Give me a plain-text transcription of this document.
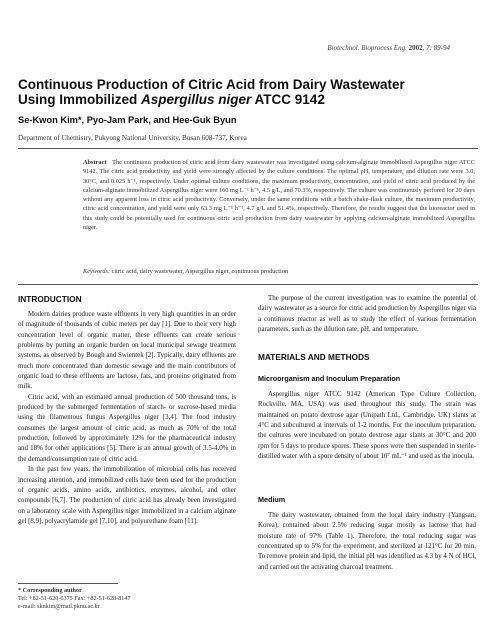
Biotechnol. Bioprocess Eng. 2002, 7: 89-94
Continuous Production of Citric Acid from Dairy Wastewater
Using Immobilized Aspergillus niger ATCC 9142
Se-Kwon Kim*, Pyo-Jam Park, and Hee-Guk Byun
Department of Chemistry, Pukyong National University, Busan 608-737, Korea
Abstract The continuous production of citric acid from dairy wastewater was investigated using calcium-alginate immobilized Aspergillus niger ATCC 9142. The citric acid productivity and yield were strongly affected by the culture conditions. The optimal pH, temperature, and dilution rate were 3.0, 30°C, and 0.025 h⁻¹, respectively. Under optimal culture conditions, the maximum productivity, concentration, and yield of citric acid produced by the calcium-alginate immobilized Aspergillus niger were 160 mg L⁻¹ h⁻¹, 4.5 g/L, and 70.3%, respectively. The culture was continuously perfored for 20 days without any apparent loss in citric acid productivity. Conversely, under the same conditions with a batch shake-flask culture, the maximum productivity, citric acid concentration, and yield were only 63.3 mg L⁻¹ h⁻¹, 4.7 g/L and 51.4%, respectively. Therefore, the results suggest that the bioreactor used in this study could be potentially used for continuous citric acid production from dairy wastewater by applying calcium-alginate immobilized Aspergillus niger.
Keywords: citric acid, dairy wastewater, Aspergillus niger, continuous production
INTRODUCTION

Modern dairies produce waste effluents in very high quantities in an order of magnitude of thousands of cubic meters per day [1]. Due to their very high concentration level of organic matter, these effluents can create serious problems by putting an organic burden on local municipal sewage treatment systems, as observed by Bough and Swientek [2]. Typically, dairy effluents are much more concentrated than domestic sewage and the main contributors of organic load to these effluents are lactose, fats, and proteins originated from milk.

Citric acid, with an estimated annual production of 500 thousand tons, is produced by the submerged fermentation of starch- or sucrose-based media using the filamentous fungus Aspergillus niger [3,4]. The food industry consumes the largest amount of citric acid, as much as 70% of the total production, followed by approximately 12% for the pharmaceutical industry and 18% for other applications [5]. There is an annual growth of 3.5-4.0% in the demand/consumption rate of citric acid.

In the past few years, the immobilization of microbial cells has received increasing attention, and immobilized cells have been used for the production of organic acids, amino acids, antibiotics, enzymes, alcohol, and other compounds [6,7]. The production of citric acid has already been investigated on a laboratory scale with Aspergillus niger immobilized in a calcium alginate gel [8,9], polyacrylamide gel [7,10], and polyurethane foam [11].

* Corresponding author
Tel: +82-51-620-6375 Fax: +82-51-628-8147
e-mail: sknkim@mail.pknu.ac.kr

The purpose of the current investigation was to examine the potential of dairy wastewater as a source for citric acid production by Aspergillus niger via a continuous reactor as well as to study the effect of various fermentation parameters, such as the dilution rate, pH, and temperature.

MATERIALS AND METHODS
Microorganism and Inoculum Preparation

Aspergillus niger ATCC 9142 (American Type Culture Collection, Rockville, MA, USA) was used throughout this study. The strain was maintained on potato dextrose agar (Unipath Ltd., Cambridge, UK) slants at 4°C and subcultured at intervals of 1-2 months. For the inoculum preparation, the cultures were incubated on potato dextrose agar slants at 30°C and 200 rpm for 5 days to produce spores. These spores were then suspended in sterile-distilled water with a spore density of about 10⁷ mL⁻¹ and used as the inocula.

Medium

The dairy wastewater, obtained from the local dairy industry (Yangsan, Korea), contained about 2.5% reducing sugar mostly as lactose that had moisture rate of 97% (Table 1). Therefore, the total reducing sugar was concentrated up to 5% for the experiment, and sterilized at 121°C for 20 min. To remove protein and lipid, the initial pH was identified as 4.3 by 4 N of HCl, and carried out the activating charcoal treatment.
